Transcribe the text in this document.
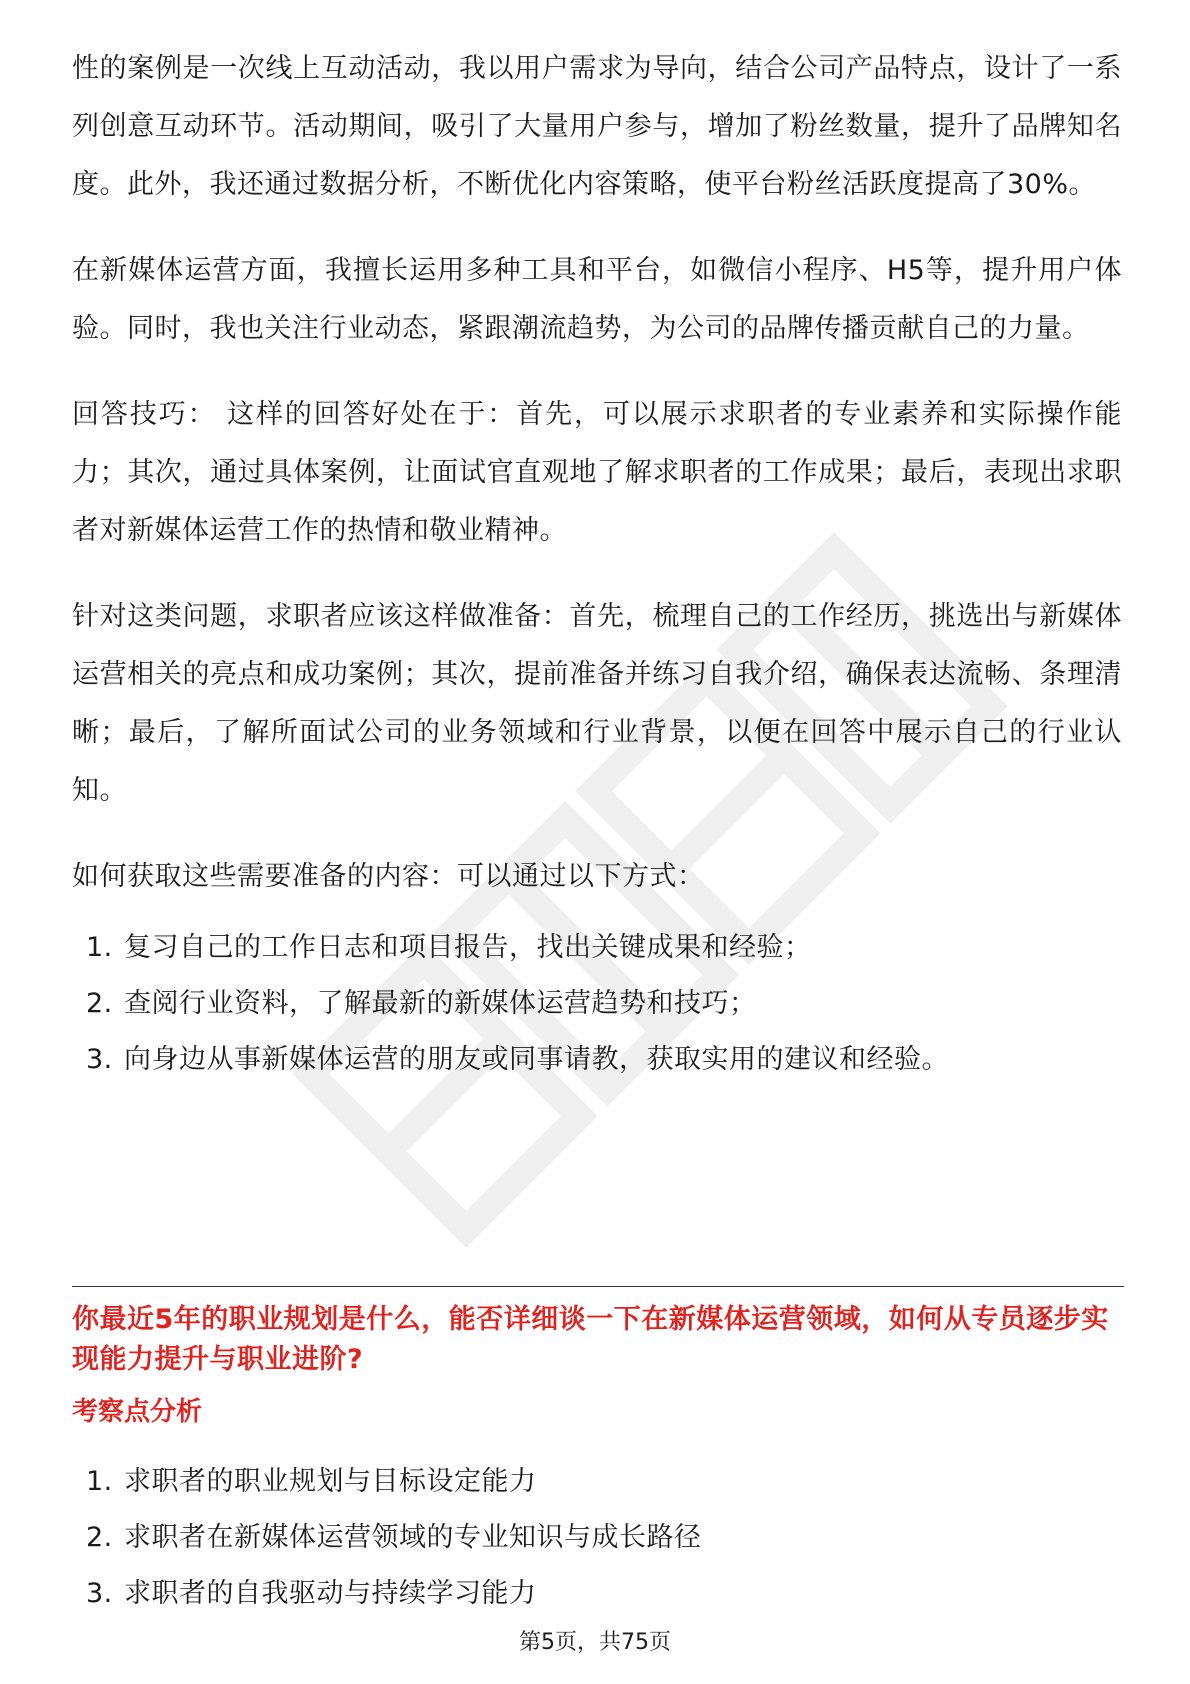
性的案例是一次线上互动活动，我以用户需求为导向，结合公司产品特点，设计了一系列创意互动环节。活动期间，吸引了大量用户参与，增加了粉丝数量，提升了品牌知名度。此外，我还通过数据分析，不断优化内容策略，使平台粉丝活跃度提高了30%。

在新媒体运营方面，我擅长运用多种工具和平台，如微信小程序、H5等，提升用户体验。同时，我也关注行业动态，紧跟潮流趋势，为公司的品牌传播贡献自己的力量。

回答技巧： 这样的回答好处在于：首先，可以展示求职者的专业素养和实际操作能力；其次，通过具体案例，让面试官直观地了解求职者的工作成果；最后，表现出求职者对新媒体运营工作的热情和敬业精神。

针对这类问题，求职者应该这样做准备：首先，梳理自己的工作经历，挑选出与新媒体运营相关的亮点和成功案例；其次，提前准备并练习自我介绍，确保表达流畅、条理清晰；最后，了解所面试公司的业务领域和行业背景，以便在回答中展示自己的行业认知。

如何获取这些需要准备的内容：可以通过以下方式：

1. 复习自己的工作日志和项目报告，找出关键成果和经验；
2. 查阅行业资料，了解最新的新媒体运营趋势和技巧；
3. 向身边从事新媒体运营的朋友或同事请教，获取实用的建议和经验。
你最近5年的职业规划是什么，能否详细谈一下在新媒体运营领域，如何从专员逐步实现能力提升与职业进阶?
考察点分析
1. 求职者的职业规划与目标设定能力
2. 求职者在新媒体运营领域的专业知识与成长路径
3. 求职者的自我驱动与持续学习能力
第5页，共75页
